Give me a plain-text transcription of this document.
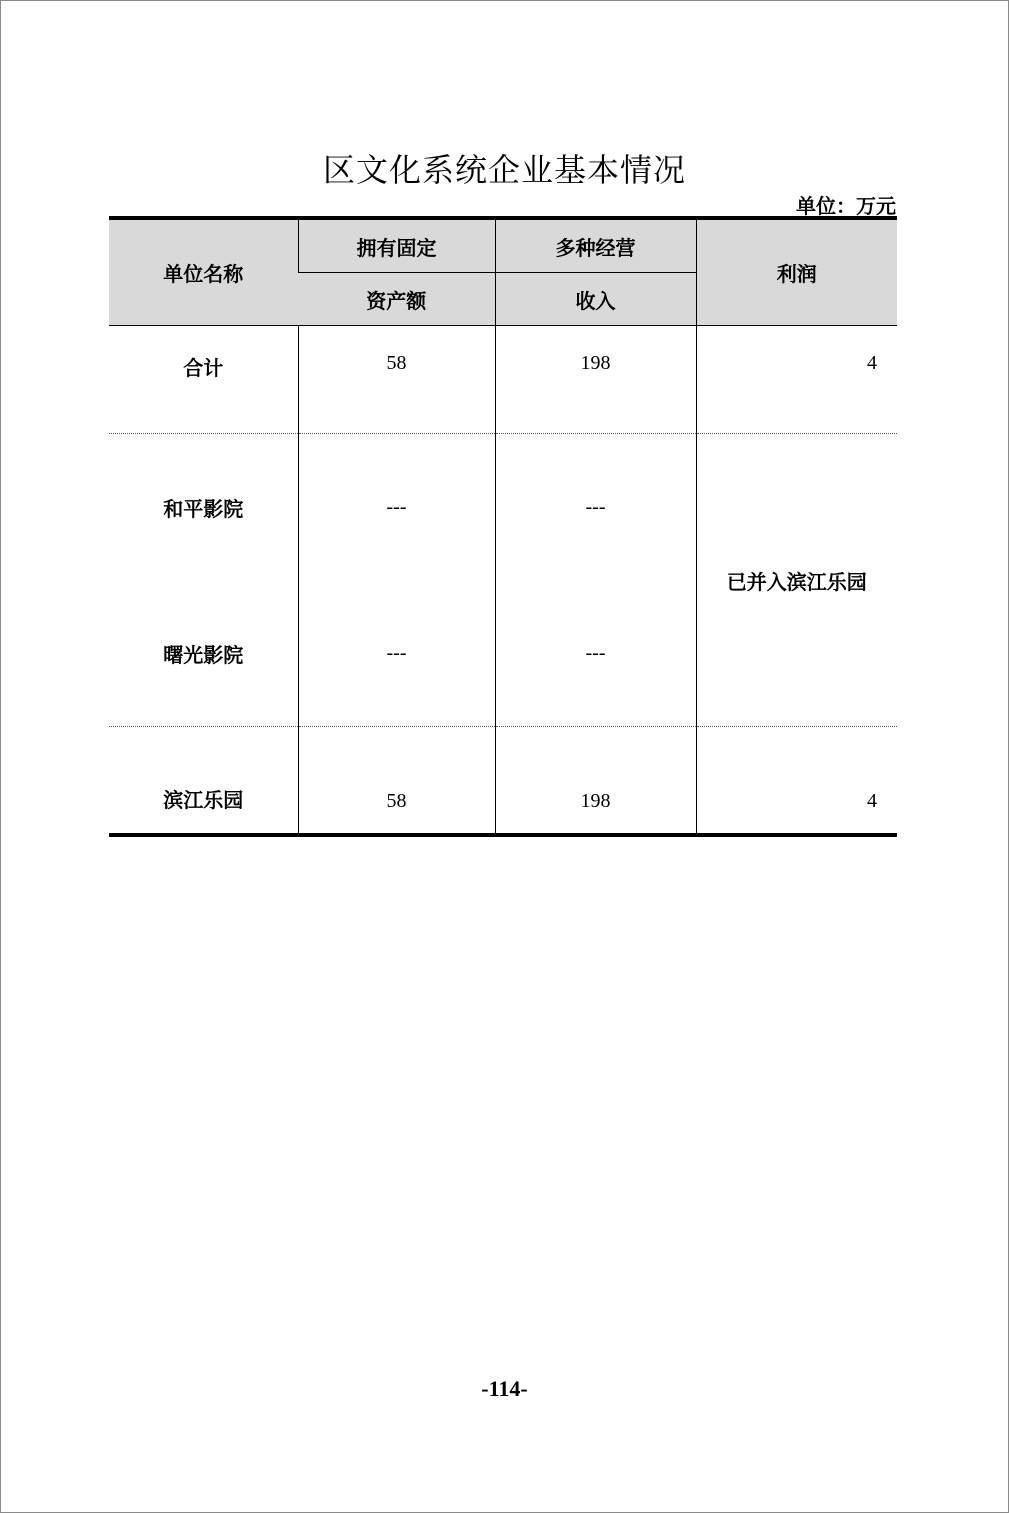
区文化系统企业基本情况
单位：万元
单位名称	拥有固定	多种经营	利润
	资产额	收入	
合计	58	198	4
和平影院	---	---	已并入滨江乐园
曙光影院	---	---	
滨江乐园	58	198	4
-114-
